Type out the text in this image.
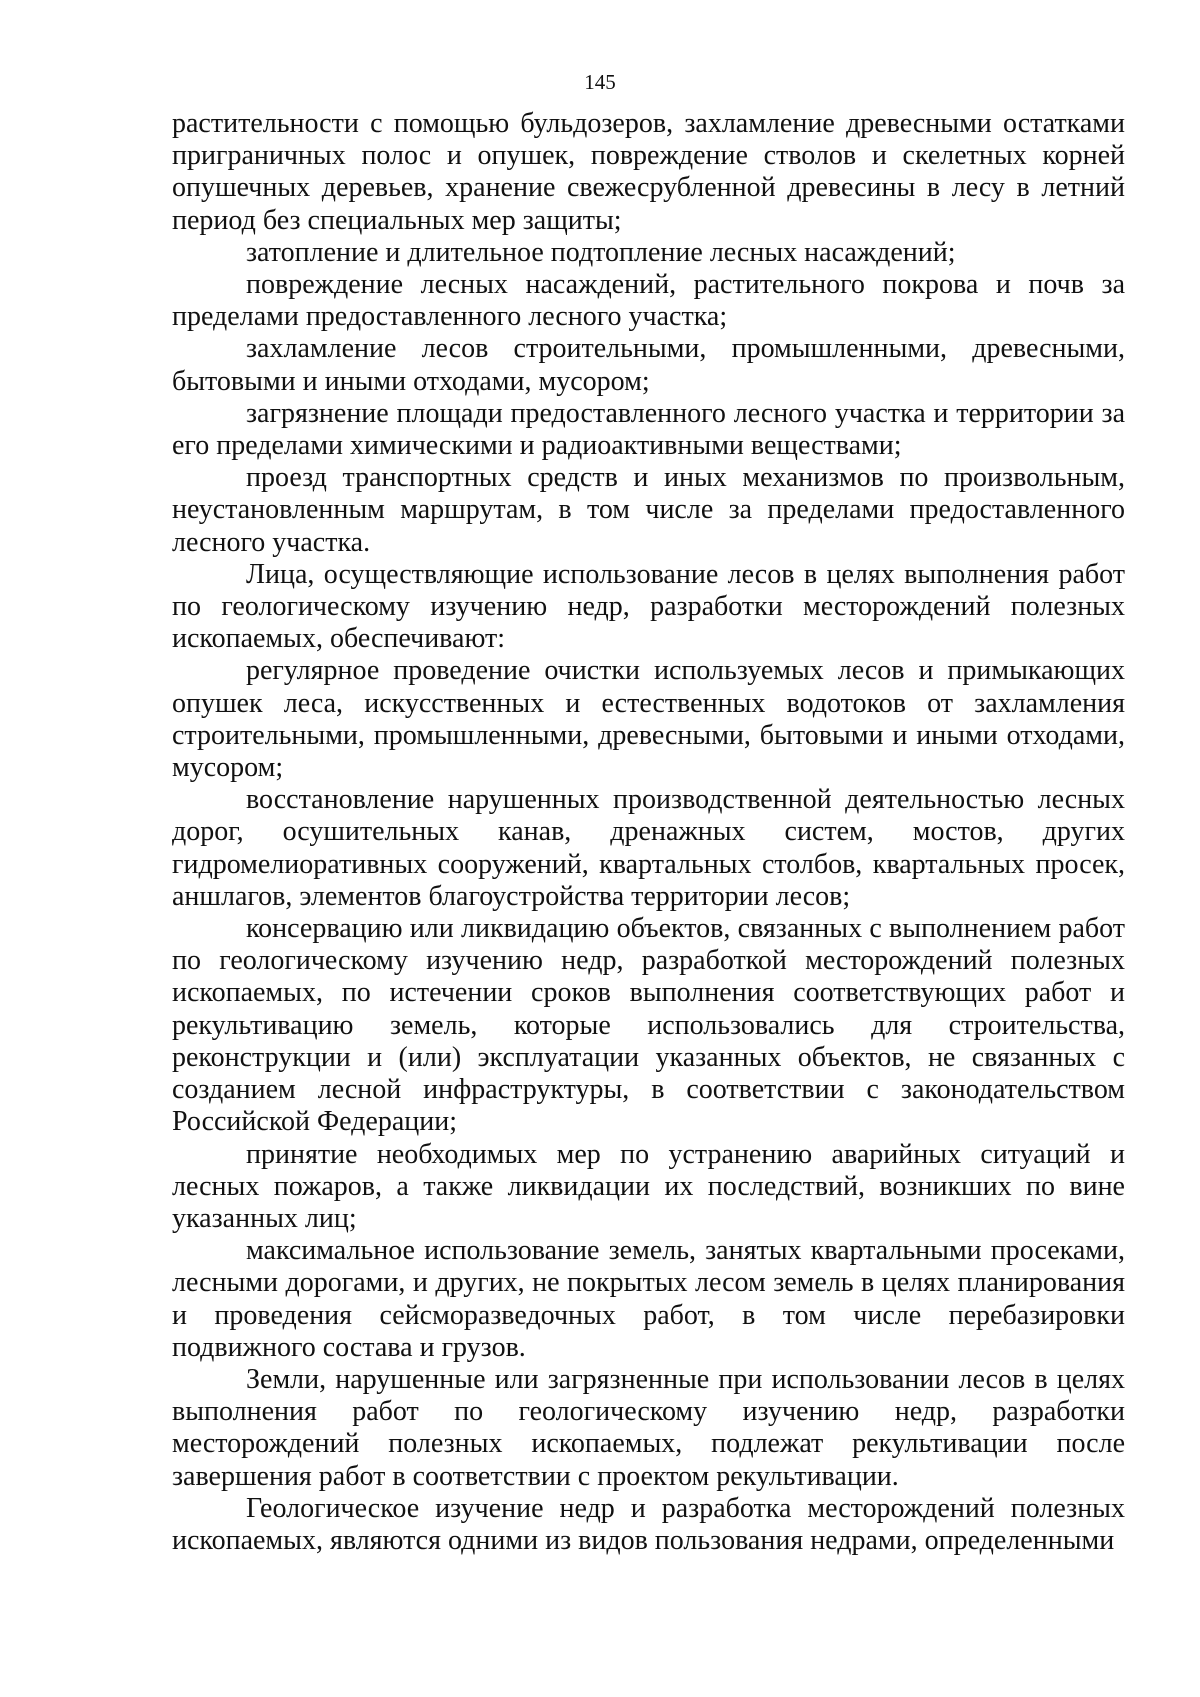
145

растительности с помощью бульдозеров, захламление древесными остатками приграничных полос и опушек, повреждение стволов и скелетных корней опушечных деревьев, хранение свежесрубленной древесины в лесу в летний период без специальных мер защиты;

затопление и длительное подтопление лесных насаждений;

повреждение лесных насаждений, растительного покрова и почв за пределами предоставленного лесного участка;

захламление лесов строительными, промышленными, древесными, бытовыми и иными отходами, мусором;

загрязнение площади предоставленного лесного участка и территории за его пределами химическими и радиоактивными веществами;

проезд транспортных средств и иных механизмов по произвольным, неустановленным маршрутам, в том числе за пределами предоставленного лесного участка.

Лица, осуществляющие использование лесов в целях выполнения работ по геологическому изучению недр, разработки месторождений полезных ископаемых, обеспечивают:

регулярное проведение очистки используемых лесов и примыкающих опушек леса, искусственных и естественных водотоков от захламления строительными, промышленными, древесными, бытовыми и иными отходами, мусором;

восстановление нарушенных производственной деятельностью лесных дорог, осушительных канав, дренажных систем, мостов, других гидромелиоративных сооружений, квартальных столбов, квартальных просек, аншлагов, элементов благоустройства территории лесов;

консервацию или ликвидацию объектов, связанных с выполнением работ по геологическому изучению недр, разработкой месторождений полезных ископаемых, по истечении сроков выполнения соответствующих работ и рекультивацию земель, которые использовались для строительства, реконструкции и (или) эксплуатации указанных объектов, не связанных с созданием лесной инфраструктуры, в соответствии с законодательством Российской Федерации;

принятие необходимых мер по устранению аварийных ситуаций и лесных пожаров, а также ликвидации их последствий, возникших по вине указанных лиц;

максимальное использование земель, занятых квартальными просеками, лесными дорогами, и других, не покрытых лесом земель в целях планирования и проведения сейсморазведочных работ, в том числе перебазировки подвижного состава и грузов.

Земли, нарушенные или загрязненные при использовании лесов в целях выполнения работ по геологическому изучению недр, разработки месторождений полезных ископаемых, подлежат рекультивации после завершения работ в соответствии с проектом рекультивации.

Геологическое изучение недр и разработка месторождений полезных ископаемых, являются одними из видов пользования недрами, определенными
